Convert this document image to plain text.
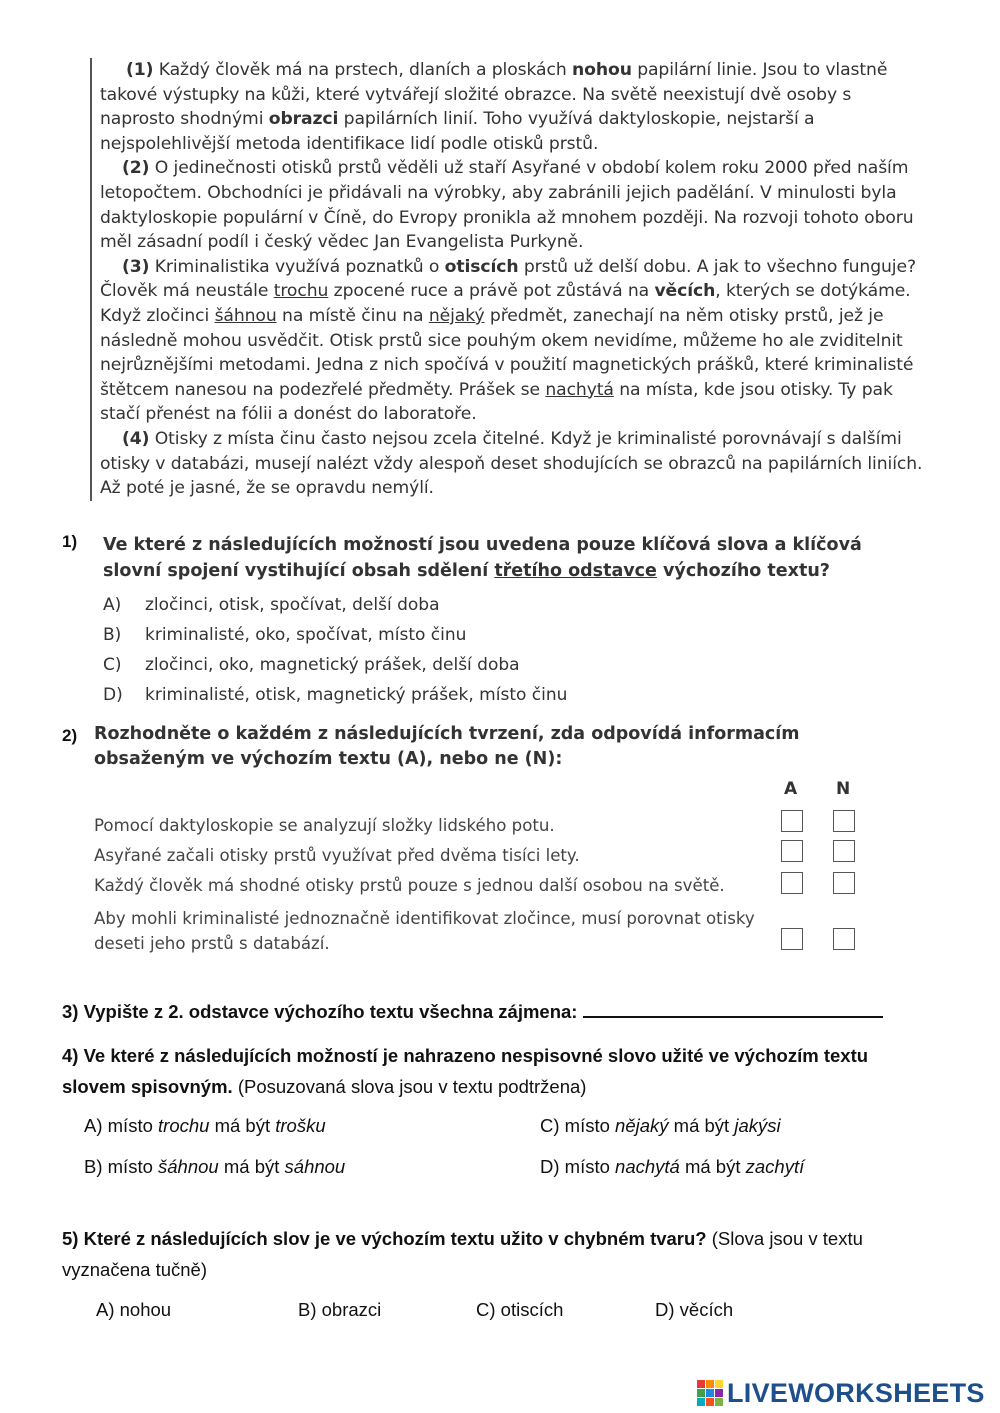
(1) Každý člověk má na prstech, dlaních a ploskách nohou papilární linie. Jsou to vlastně takové výstupky na kůži, které vytvářejí složité obrazce. Na světě neexistují dvě osoby s naprosto shodnými obrazci papilárních linií. Toho využívá daktyloskopie, nejstarší a nejspolehlivější metoda identifikace lidí podle otisků prstů.

(2) O jedinečnosti otisků prstů věděli už staří Asyřané v období kolem roku 2000 před naším letopočtem. Obchodníci je přidávali na výrobky, aby zabránili jejich padělání. V minulosti byla daktyloskopie populární v Číně, do Evropy pronikla až mnohem později. Na rozvoji tohoto oboru měl zásadní podíl i český vědec Jan Evangelista Purkyně.

(3) Kriminalistika využívá poznatků o otiscích prstů už delší dobu. A jak to všechno funguje? Člověk má neustále trochu zpocené ruce a právě pot zůstává na věcích, kterých se dotýkáme. Když zločinci šáhnou na místě činu na nějaký předmět, zanechají na něm otisky prstů, jež je následně mohou usvědčit. Otisk prstů sice pouhým okem nevidíme, můžeme ho ale zviditelnit nejrůznějšími metodami. Jedna z nich spočívá v použití magnetických prášků, které kriminalisté štětcem nanesou na podezřelé předměty. Prášek se nachytá na místa, kde jsou otisky. Ty pak stačí přenést na fólii a donést do laboratoře.

(4) Otisky z místa činu často nejsou zcela čitelné. Když je kriminalisté porovnávají s dalšími otisky v databázi, musejí nalézt vždy alespoň deset shodujících se obrazců na papilárních liniích. Až poté je jasné, že se opravdu nemýlí.

1) Ve které z následujících možností jsou uvedena pouze klíčová slova a klíčová slovní spojení vystihující obsah sdělení třetího odstavce výchozího textu?
A) zločinci, otisk, spočívat, delší doba
B) kriminalisté, oko, spočívat, místo činu
C) zločinci, oko, magnetický prášek, delší doba
D) kriminalisté, otisk, magnetický prášek, místo činu
2) Rozhodněte o každém z následujících tvrzení, zda odpovídá informacím obsaženým ve výchozím textu (A), nebo ne (N):
A N
Pomocí daktyloskopie se analyzují složky lidského potu.
Asyřané začali otisky prstů využívat před dvěma tisíci lety.
Každý člověk má shodné otisky prstů pouze s jednou další osobou na světě.
Aby mohli kriminalisté jednoznačně identifikovat zločince, musí porovnat otisky deseti jeho prstů s databází.
3) Vypište z 2. odstavce výchozího textu všechna zájmena:
4) Ve které z následujících možností je nahrazeno nespisovné slovo užité ve výchozím textu slovem spisovným. (Posuzovaná slova jsou v textu podtržena)
A) místo trochu má být trošku
B) místo šáhnou má být sáhnou
C) místo nějaký má být jakýsi
D) místo nachytá má být zachytí
5) Které z následujících slov je ve výchozím textu užito v chybném tvaru? (Slova jsou v textu vyznačena tučně)
A) nohou	B) obrazci	C) otiscích	D) věcích
LIVEWORKSHEETS
